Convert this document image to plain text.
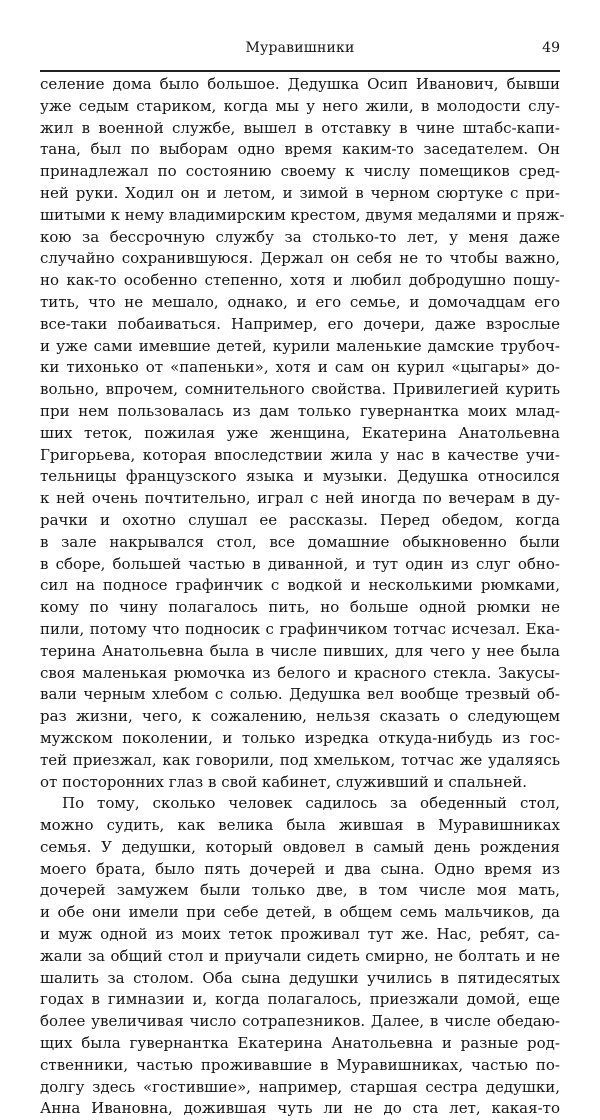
Муравишники	49
селение дома было большое. Дедушка Осип Иванович, бывши
уже седым стариком, когда мы у него жили, в молодости слу-
жил в военной службе, вышел в отставку в чине штабс-капи-
тана, был по выборам одно время каким-то заседателем. Он
принадлежал по состоянию своему к числу помещиков сред-
ней руки. Ходил он и летом, и зимой в черном сюртуке с при-
шитыми к нему владимирским крестом, двумя медалями и пряж-
кою за бессрочную службу за столько-то лет, у меня даже
случайно сохранившуюся. Держал он себя не то чтобы важно,
но как-то особенно степенно, хотя и любил добродушно пошу-
тить, что не мешало, однако, и его семье, и домочадцам его
все-таки побаиваться. Например, его дочери, даже взрослые
и уже сами имевшие детей, курили маленькие дамские трубоч-
ки тихонько от «папеньки», хотя и сам он курил «цыгары» до-
вольно, впрочем, сомнительного свойства. Привилегией курить
при нем пользовалась из дам только гувернантка моих млад-
ших теток, пожилая уже женщина, Екатерина Анатольевна
Григорьева, которая впоследствии жила у нас в качестве учи-
тельницы французского языка и музыки. Дедушка относился
к ней очень почтительно, играл с ней иногда по вечерам в ду-
рачки и охотно слушал ее рассказы. Перед обедом, когда
в зале накрывался стол, все домашние обыкновенно были
в сборе, большей частью в диванной, и тут один из слуг обно-
сил на подносе графинчик с водкой и несколькими рюмками,
кому по чину полагалось пить, но больше одной рюмки не
пили, потому что подносик с графинчиком тотчас исчезал. Ека-
терина Анатольевна была в числе пивших, для чего у нее была
своя маленькая рюмочка из белого и красного стекла. Закусы-
вали черным хлебом с солью. Дедушка вел вообще трезвый об-
раз жизни, чего, к сожалению, нельзя сказать о следующем
мужском поколении, и только изредка откуда-нибудь из гос-
тей приезжал, как говорили, под хмельком, тотчас же удаляясь
от посторонних глаз в свой кабинет, служивший и спальней.
По тому, сколько человек садилось за обеденный стол,
можно судить, как велика была жившая в Муравишниках
семья. У дедушки, который овдовел в самый день рождения
моего брата, было пять дочерей и два сына. Одно время из
дочерей замужем были только две, в том числе моя мать,
и обе они имели при себе детей, в общем семь мальчиков, да
и муж одной из моих теток проживал тут же. Нас, ребят, са-
жали за общий стол и приучали сидеть смирно, не болтать и не
шалить за столом. Оба сына дедушки учились в пятидесятых
годах в гимназии и, когда полагалось, приезжали домой, еще
более увеличивая число сотрапезников. Далее, в числе обедаю-
щих была гувернантка Екатерина Анатольевна и разные род-
ственники, частью проживавшие в Муравишниках, частью по-
долгу здесь «гостившие», например, старшая сестра дедушки,
Анна Ивановна, дожившая чуть ли не до ста лет, какая-то
